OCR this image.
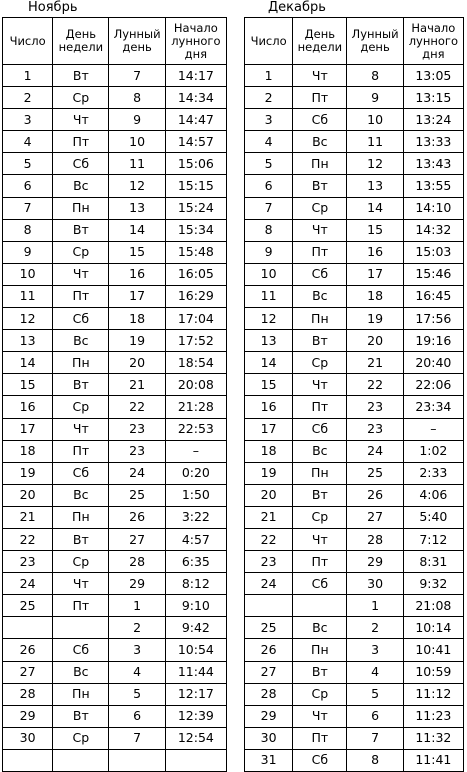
Ноябрь	Декабрь
Число	День недели	Лунный день	Начало лунного дня
1	Вт	7	14:17
2	Ср	8	14:34
3	Чт	9	14:47
4	Пт	10	14:57
5	Сб	11	15:06
6	Вс	12	15:15
7	Пн	13	15:24
8	Вт	14	15:34
9	Ср	15	15:48
10	Чт	16	16:05
11	Пт	17	16:29
12	Сб	18	17:04
13	Вс	19	17:52
14	Пн	20	18:54
15	Вт	21	20:08
16	Ср	22	21:28
17	Чт	23	22:53
18	Пт	23	–
19	Сб	24	0:20
20	Вс	25	1:50
21	Пн	26	3:22
22	Вт	27	4:57
23	Ср	28	6:35
24	Чт	29	8:12
25	Пт	1	9:10
		2	9:42
26	Сб	3	10:54
27	Вс	4	11:44
28	Пн	5	12:17
29	Вт	6	12:39
30	Ср	7	12:54

Число	День недели	Лунный день	Начало лунного дня
1	Чт	8	13:05
2	Пт	9	13:15
3	Сб	10	13:24
4	Вс	11	13:33
5	Пн	12	13:43
6	Вт	13	13:55
7	Ср	14	14:10
8	Чт	15	14:32
9	Пт	16	15:03
10	Сб	17	15:46
11	Вс	18	16:45
12	Пн	19	17:56
13	Вт	20	19:16
14	Ср	21	20:40
15	Чт	22	22:06
16	Пт	23	23:34
17	Сб	23	–
18	Вс	24	1:02
19	Пн	25	2:33
20	Вт	26	4:06
21	Ср	27	5:40
22	Чт	28	7:12
23	Пт	29	8:31
24	Сб	30	9:32
		1	21:08
25	Вс	2	10:14
26	Пн	3	10:41
27	Вт	4	10:59
28	Ср	5	11:12
29	Чт	6	11:23
30	Пт	7	11:32
31	Сб	8	11:41
